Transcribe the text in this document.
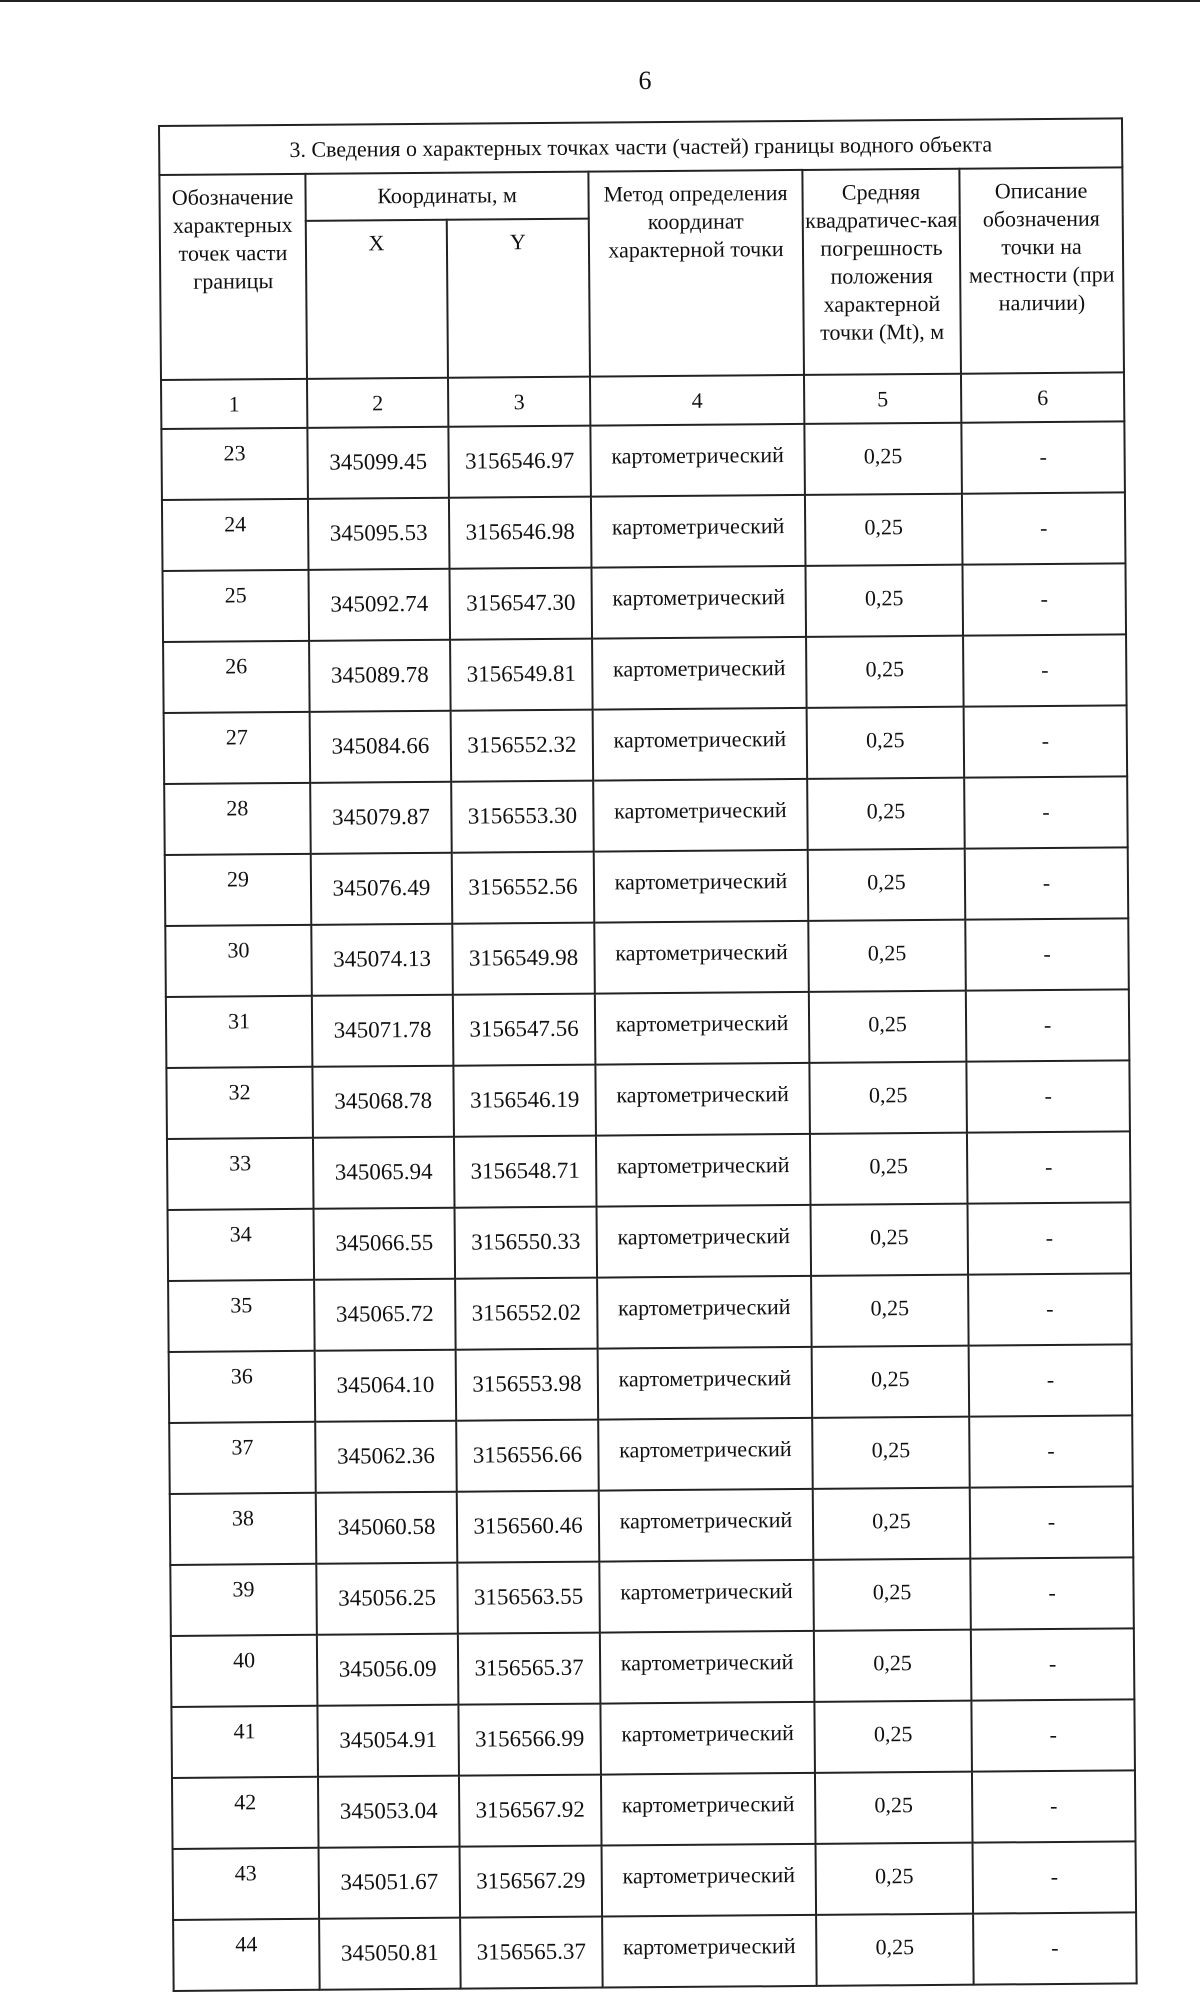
6
3. Сведения о характерных точках части (частей) границы водного объекта					
Обозначение характерных точек части границы	Координаты, м		Метод определения координат характерной точки	Средняя квадратичес-кая погрешность положения характерной точки (Mt), м	Описание обозначения точки на местности (при наличии)
	X	Y			
1	2	3	4	5	6
23	345099.45	3156546.97	картометрический	0,25	-
24	345095.53	3156546.98	картометрический	0,25	-
25	345092.74	3156547.30	картометрический	0,25	-
26	345089.78	3156549.81	картометрический	0,25	-
27	345084.66	3156552.32	картометрический	0,25	-
28	345079.87	3156553.30	картометрический	0,25	-
29	345076.49	3156552.56	картометрический	0,25	-
30	345074.13	3156549.98	картометрический	0,25	-
31	345071.78	3156547.56	картометрический	0,25	-
32	345068.78	3156546.19	картометрический	0,25	-
33	345065.94	3156548.71	картометрический	0,25	-
34	345066.55	3156550.33	картометрический	0,25	-
35	345065.72	3156552.02	картометрический	0,25	-
36	345064.10	3156553.98	картометрический	0,25	-
37	345062.36	3156556.66	картометрический	0,25	-
38	345060.58	3156560.46	картометрический	0,25	-
39	345056.25	3156563.55	картометрический	0,25	-
40	345056.09	3156565.37	картометрический	0,25	-
41	345054.91	3156566.99	картометрический	0,25	-
42	345053.04	3156567.92	картометрический	0,25	-
43	345051.67	3156567.29	картометрический	0,25	-
44	345050.81	3156565.37	картометрический	0,25	-
